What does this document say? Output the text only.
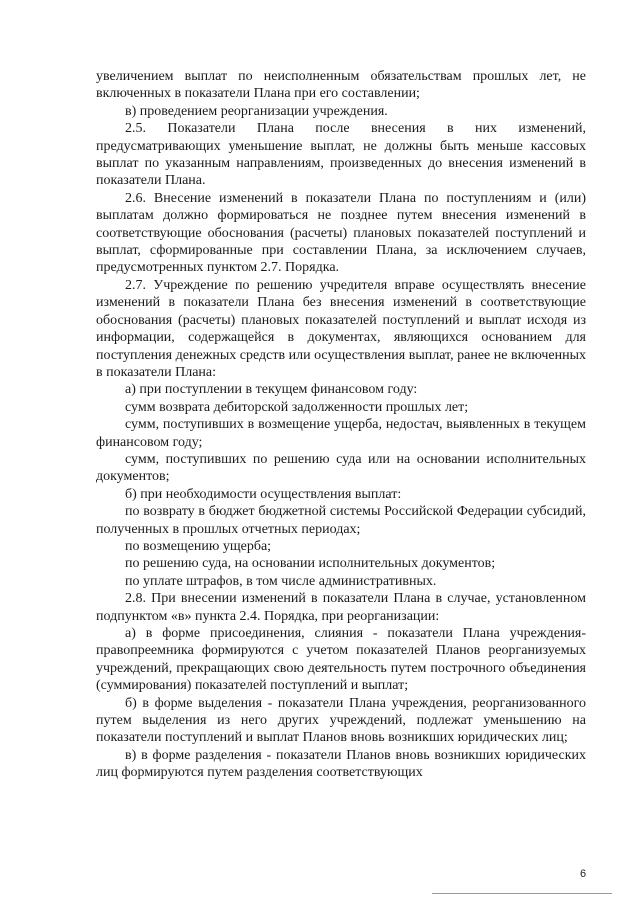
увеличением выплат по неисполненным обязательствам прошлых лет, не включенных в показатели Плана при его составлении;

в) проведением реорганизации учреждения.

2.5. Показатели Плана после внесения в них изменений, предусматривающих уменьшение выплат, не должны быть меньше кассовых выплат по указанным направлениям, произведенных до внесения изменений в показатели Плана.

2.6. Внесение изменений в показатели Плана по поступлениям и (или) выплатам должно формироваться не позднее путем внесения изменений в соответствующие обоснования (расчеты) плановых показателей поступлений и выплат, сформированные при составлении Плана, за исключением случаев, предусмотренных пунктом 2.7. Порядка.

2.7. Учреждение по решению учредителя вправе осуществлять внесение изменений в показатели Плана без внесения изменений в соответствующие обоснования (расчеты) плановых показателей поступлений и выплат исходя из информации, содержащейся в документах, являющихся основанием для поступления денежных средств или осуществления выплат, ранее не включенных в показатели Плана:

а) при поступлении в текущем финансовом году:

сумм возврата дебиторской задолженности прошлых лет;

сумм, поступивших в возмещение ущерба, недостач, выявленных в текущем финансовом году;

сумм, поступивших по решению суда или на основании исполнительных документов;

б) при необходимости осуществления выплат:

по возврату в бюджет бюджетной системы Российской Федерации субсидий, полученных в прошлых отчетных периодах;

по возмещению ущерба;

по решению суда, на основании исполнительных документов;

по уплате штрафов, в том числе административных.

2.8. При внесении изменений в показатели Плана в случае, установленном подпунктом «в» пункта 2.4. Порядка, при реорганизации:

а) в форме присоединения, слияния - показатели Плана учреждения-правопреемника формируются с учетом показателей Планов реорганизуемых учреждений, прекращающих свою деятельность путем построчного объединения (суммирования) показателей поступлений и выплат;

б) в форме выделения - показатели Плана учреждения, реорганизованного путем выделения из него других учреждений, подлежат уменьшению на показатели поступлений и выплат Планов вновь возникших юридических лиц;

в) в форме разделения - показатели Планов вновь возникших юридических лиц формируются путем разделения соответствующих

6
